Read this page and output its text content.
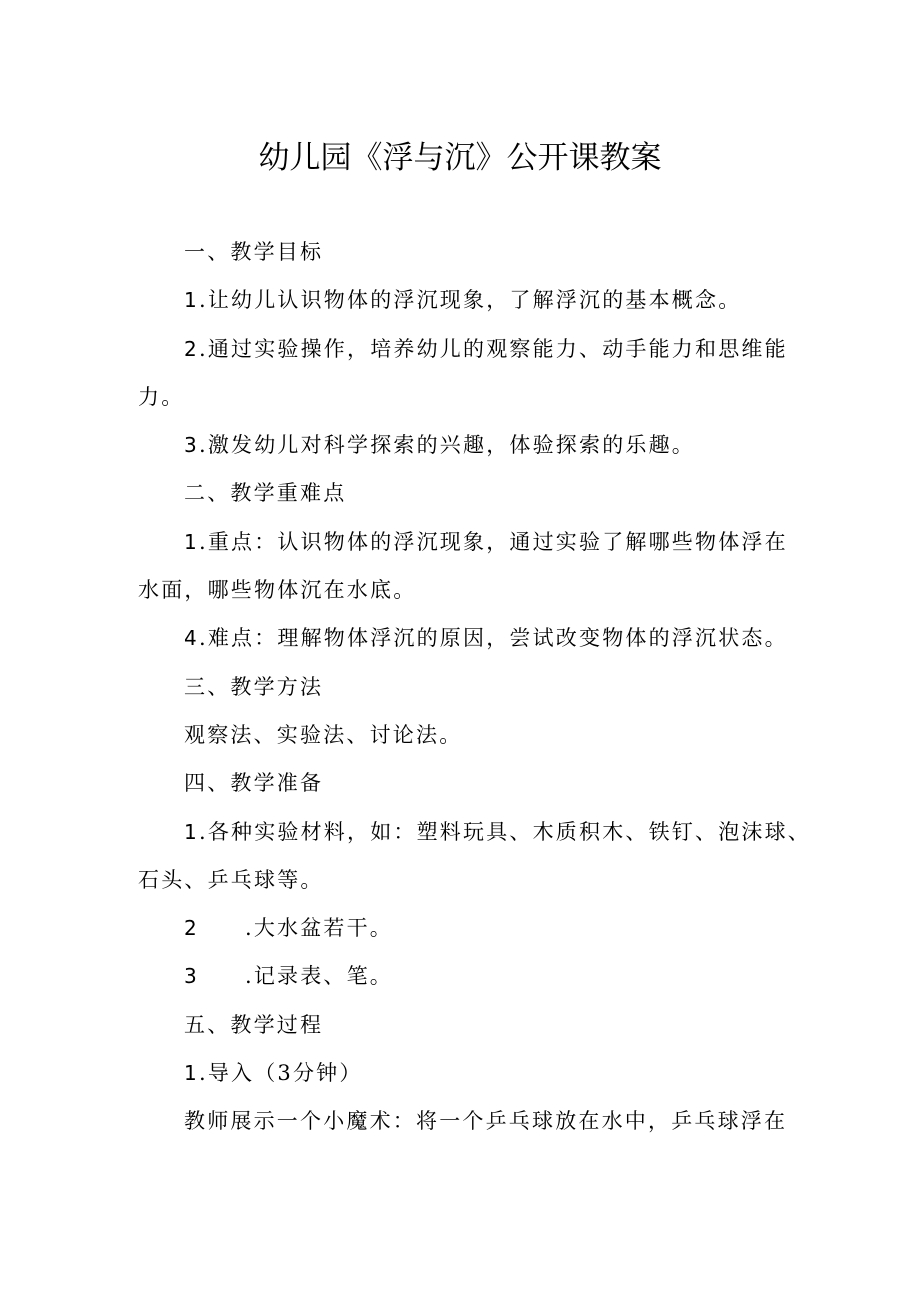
幼儿园《浮与沉》公开课教案
一、教学目标
1.让幼儿认识物体的浮沉现象，了解浮沉的基本概念。
2.通过实验操作，培养幼儿的观察能力、动手能力和思维能
力。
3.激发幼儿对科学探索的兴趣，体验探索的乐趣。
二、教学重难点
1.重点：认识物体的浮沉现象，通过实验了解哪些物体浮在
水面，哪些物体沉在水底。
4.难点：理解物体浮沉的原因，尝试改变物体的浮沉状态。
三、教学方法
观察法、实验法、讨论法。
四、教学准备
1.各种实验材料，如：塑料玩具、木质积木、铁钉、泡沫球、
石头、乒乓球等。
2 .大水盆若干。
3 .记录表、笔。
五、教学过程
1.导入（3分钟）
教师展示一个小魔术：将一个乒乓球放在水中，乒乓球浮在
